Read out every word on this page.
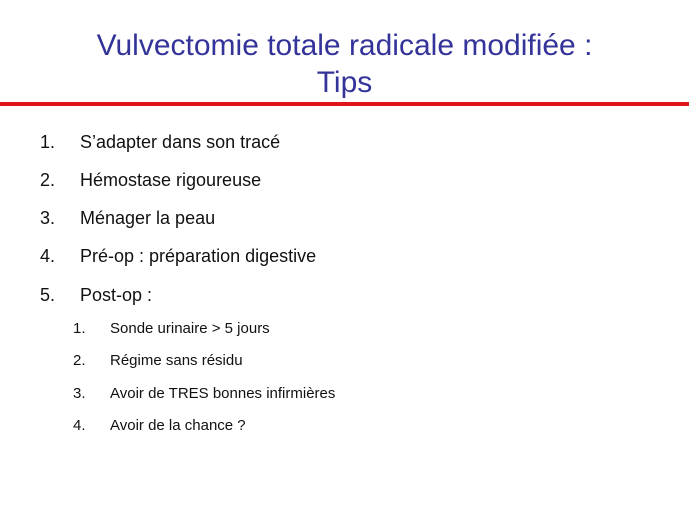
Vulvectomie totale radicale modifiée :
Tips
1. S’adapter dans son tracé
2. Hémostase rigoureuse
3. Ménager la peau
4. Pré-op : préparation digestive
5. Post-op :
1. Sonde urinaire > 5 jours
2. Régime sans résidu
3. Avoir de TRES bonnes infirmières
4. Avoir de la chance ?
